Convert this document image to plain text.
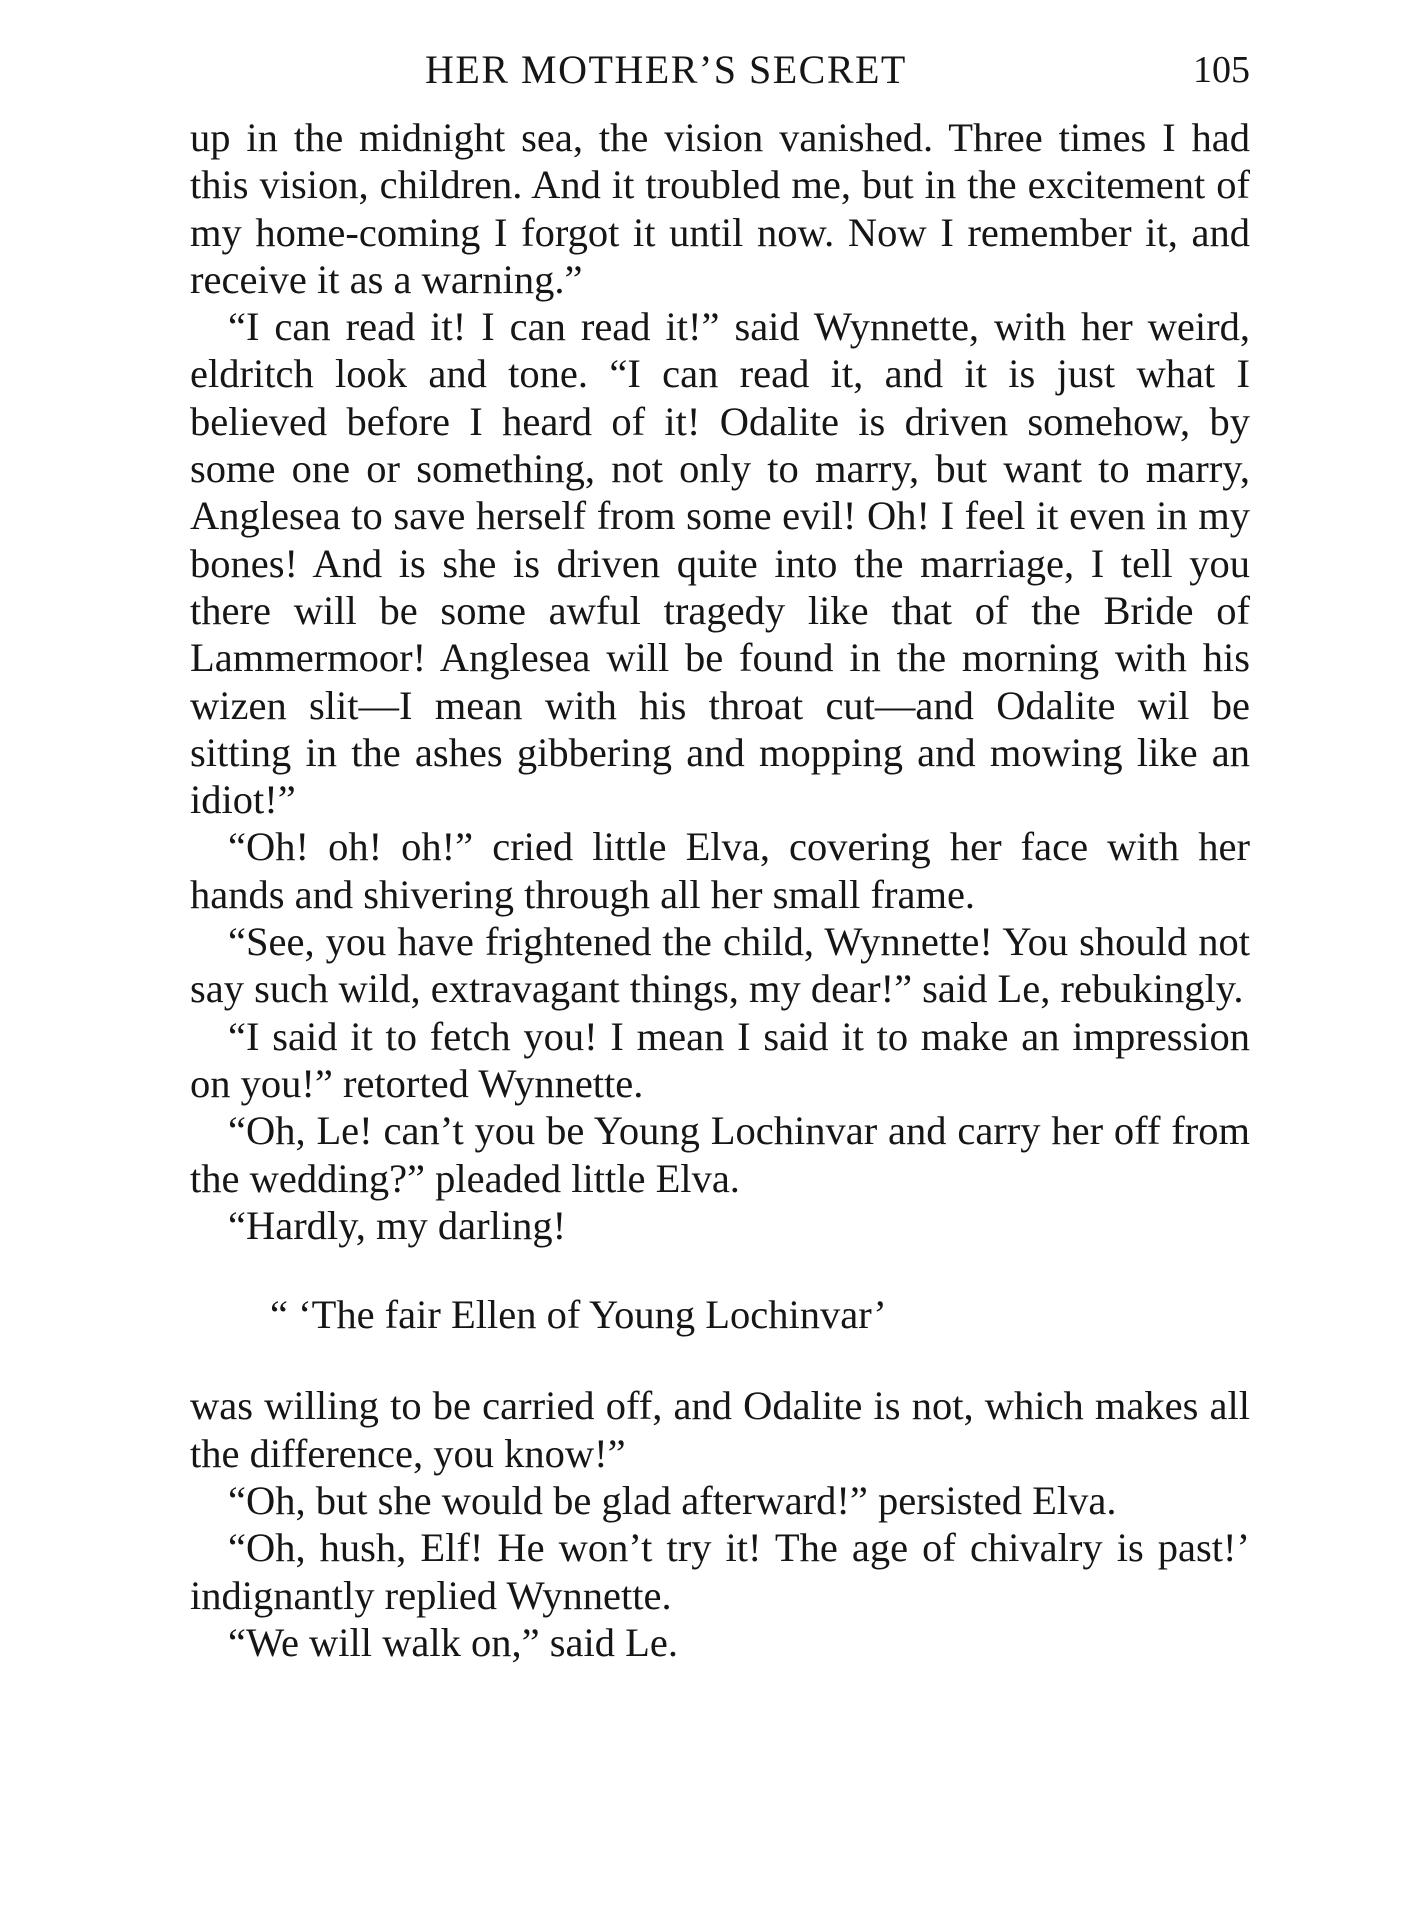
HER MOTHER’S SECRET	105

up in the midnight sea, the vision vanished. Three times I had this vision, children. And it troubled me, but in the excitement of my home-coming I forgot it until now. Now I remember it, and receive it as a warning.”

“I can read it! I can read it!” said Wynnette, with her weird, eldritch look and tone. “I can read it, and it is just what I believed before I heard of it! Odalite is driven somehow, by some one or something, not only to marry, but want to marry, Anglesea to save herself from some evil! Oh! I feel it even in my bones! And is she is driven quite into the marriage, I tell you there will be some awful tragedy like that of the Bride of Lammermoor! Anglesea will be found in the morning with his wizen slit—I mean with his throat cut—and Odalite wil be sitting in the ashes gibbering and mopping and mowing like an idiot!”

“Oh! oh! oh!” cried little Elva, covering her face with her hands and shivering through all her small frame.

“See, you have frightened the child, Wynnette! You should not say such wild, extravagant things, my dear!” said Le, rebukingly.

“I said it to fetch you! I mean I said it to make an impression on you!” retorted Wynnette.

“Oh, Le! can’t you be Young Lochinvar and carry her off from the wedding?” pleaded little Elva.

“Hardly, my darling!

“ ‘The fair Ellen of Young Lochinvar’

was willing to be carried off, and Odalite is not, which makes all the difference, you know!”

“Oh, but she would be glad afterward!” persisted Elva.

“Oh, hush, Elf! He won’t try it! The age of chivalry is past!’ indignantly replied Wynnette.

“We will walk on,” said Le.
